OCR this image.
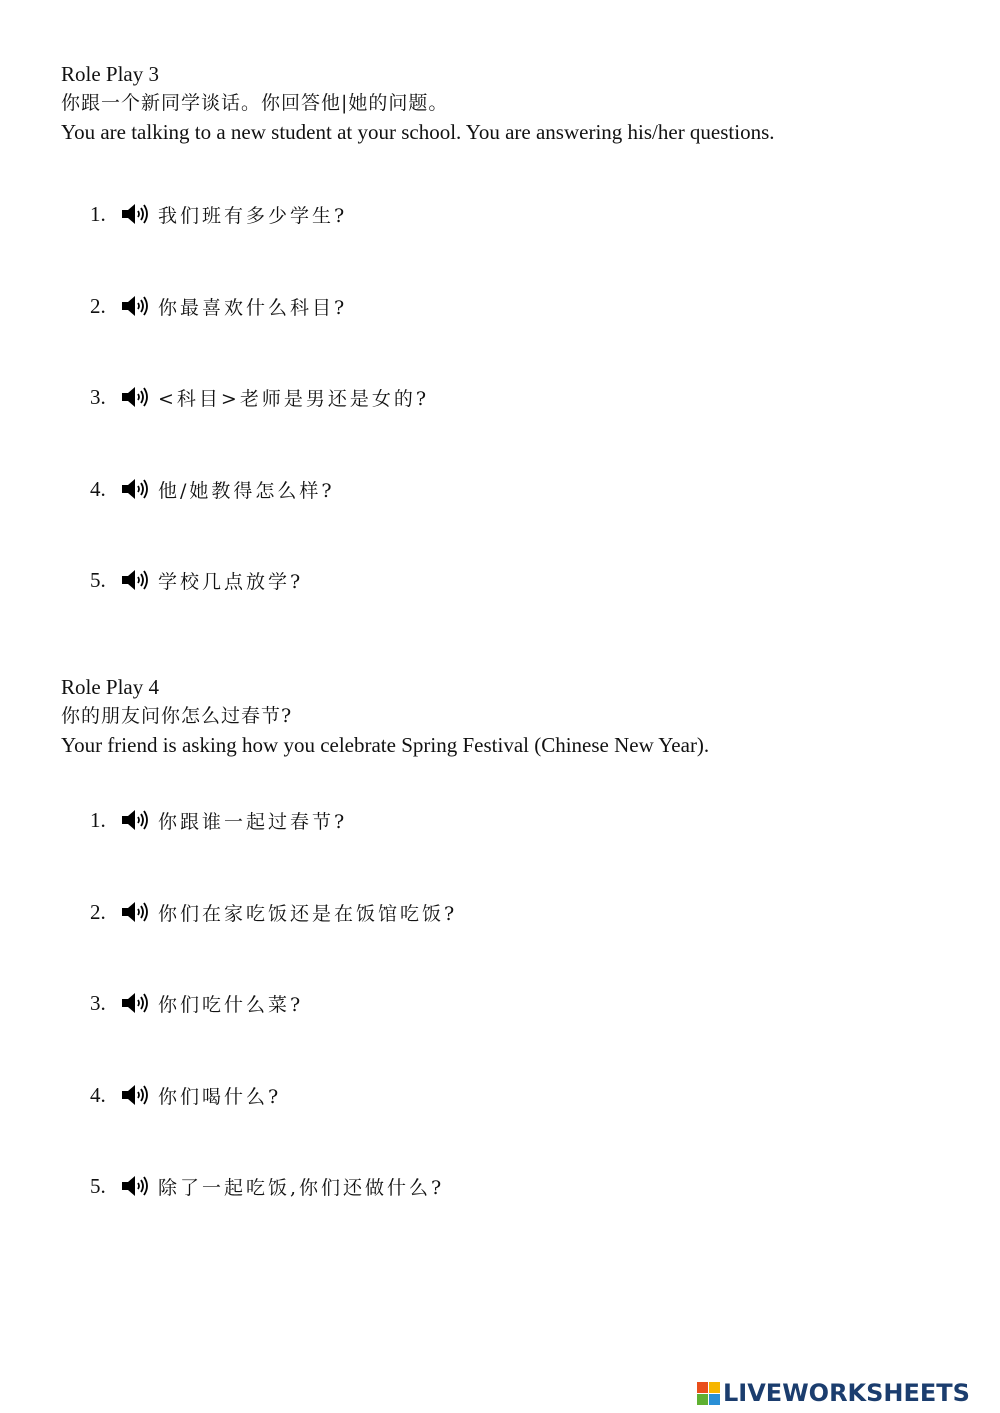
Role Play 3
你跟一个新同学谈话。你回答他|她的问题。
You are talking to a new student at your school. You are answering his/her questions.
1.	我们班有多少学生?
2.	你最喜欢什么科目?
3.	<科目>老师是男还是女的?
4.	他/她教得怎么样?
5.	学校几点放学?
Role Play 4
你的朋友问你怎么过春节?
Your friend is asking how you celebrate Spring Festival (Chinese New Year).
1.	你跟谁一起过春节?
2.	你们在家吃饭还是在饭馆吃饭?
3.	你们吃什么菜?
4.	你们喝什么?
5.	除了一起吃饭,你们还做什么?
LIVEWORKSHEETS
